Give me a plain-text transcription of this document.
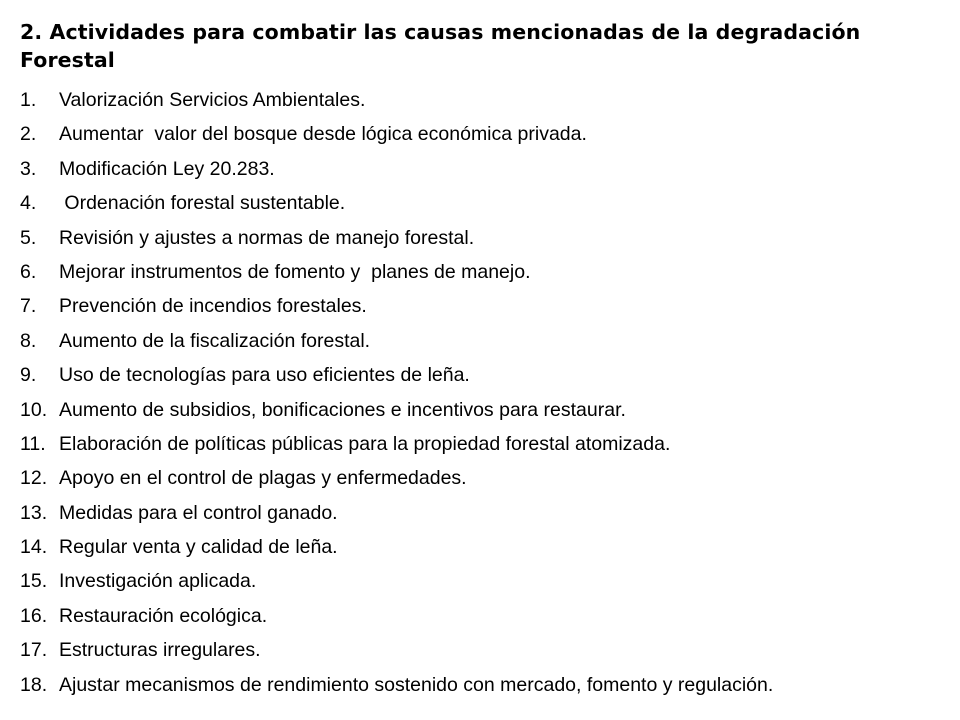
2. Actividades para combatir las causas mencionadas de la degradación Forestal
1.	Valorización Servicios Ambientales.
2.	Aumentar  valor del bosque desde lógica económica privada.
3.	Modificación Ley 20.283.
4.	Ordenación forestal sustentable.
5.	Revisión y ajustes a normas de manejo forestal.
6.	Mejorar instrumentos de fomento y  planes de manejo.
7.	Prevención de incendios forestales.
8.	Aumento de la fiscalización forestal.
9.	Uso de tecnologías para uso eficientes de leña.
10. Aumento de subsidios, bonificaciones e incentivos para restaurar.
11. Elaboración de políticas públicas para la propiedad forestal atomizada.
12. Apoyo en el control de plagas y enfermedades.
13. Medidas para el control ganado.
14. Regular venta y calidad de leña.
15. Investigación aplicada.
16. Restauración ecológica.
17. Estructuras irregulares.
18. Ajustar mecanismos de rendimiento sostenido con mercado, fomento y regulación.
